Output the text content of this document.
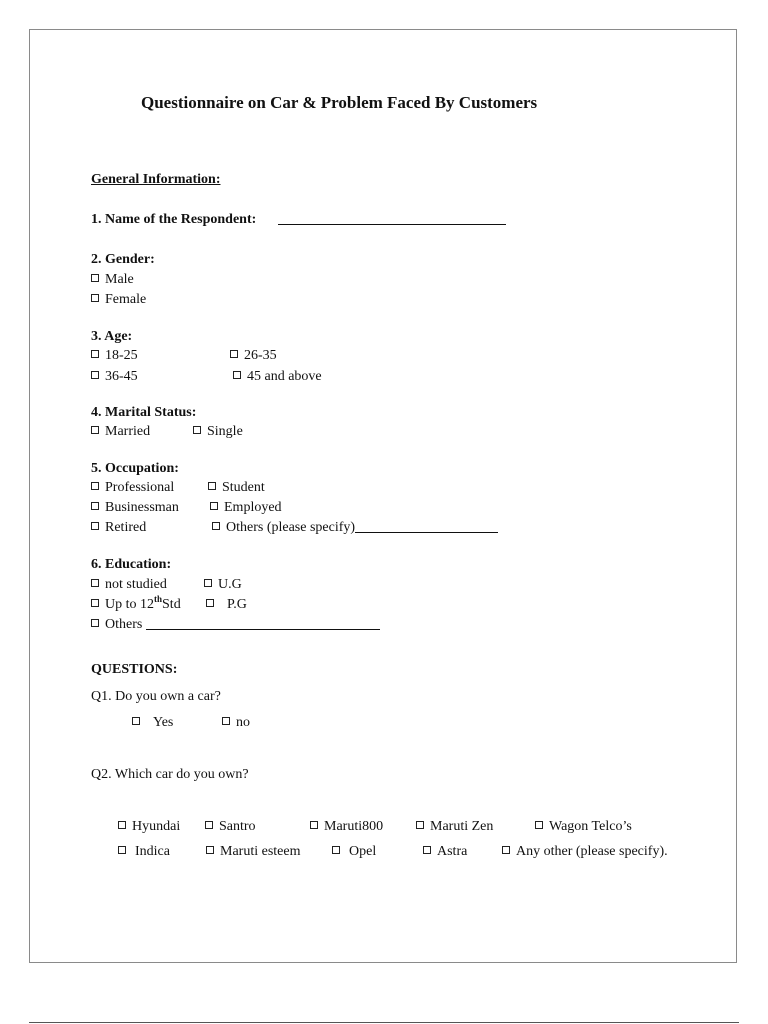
Questionnaire on Car & Problem Faced By Customers
General Information:
1. Name of the Respondent:
2. Gender:
Male
Female
3. Age:
18-25	26-35
36-45	45 and above
4. Marital Status:
Married	Single
5. Occupation:
Professional	Student
Businessman	Employed
Retired	Others (please specify)
6. Education:
not studied	U.G
Up to 12thStd	P.G
Others
QUESTIONS:
Q1. Do you own a car?
Yes	no
Q2. Which car do you own?
Hyundai	Santro	Maruti800	Maruti Zen	Wagon Telco’s
Indica	Maruti esteem	Opel	Astra	Any other (please specify).
